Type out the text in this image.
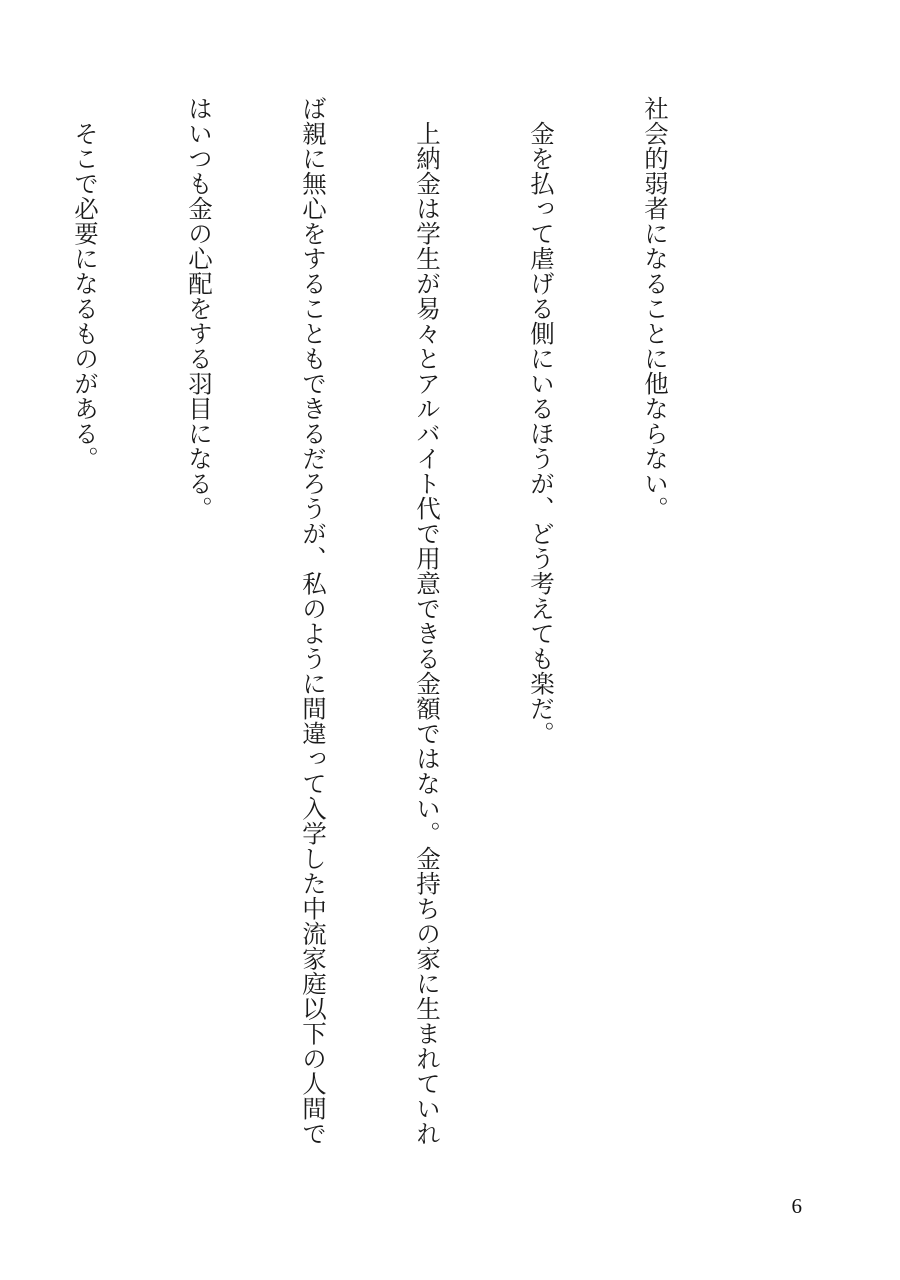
社会的弱者になることに他ならない。

　金を払って虐げる側にいるほうが、どう考えても楽だ。

　上納金は学生が易々とアルバイト代で用意できる金額ではない。金持ちの家に生まれていれ

ば親に無心をすることもできるだろうが、私のように間違って入学した中流家庭以下の人間で

はいつも金の心配をする羽目になる。

　そこで必要になるものがある。

6
